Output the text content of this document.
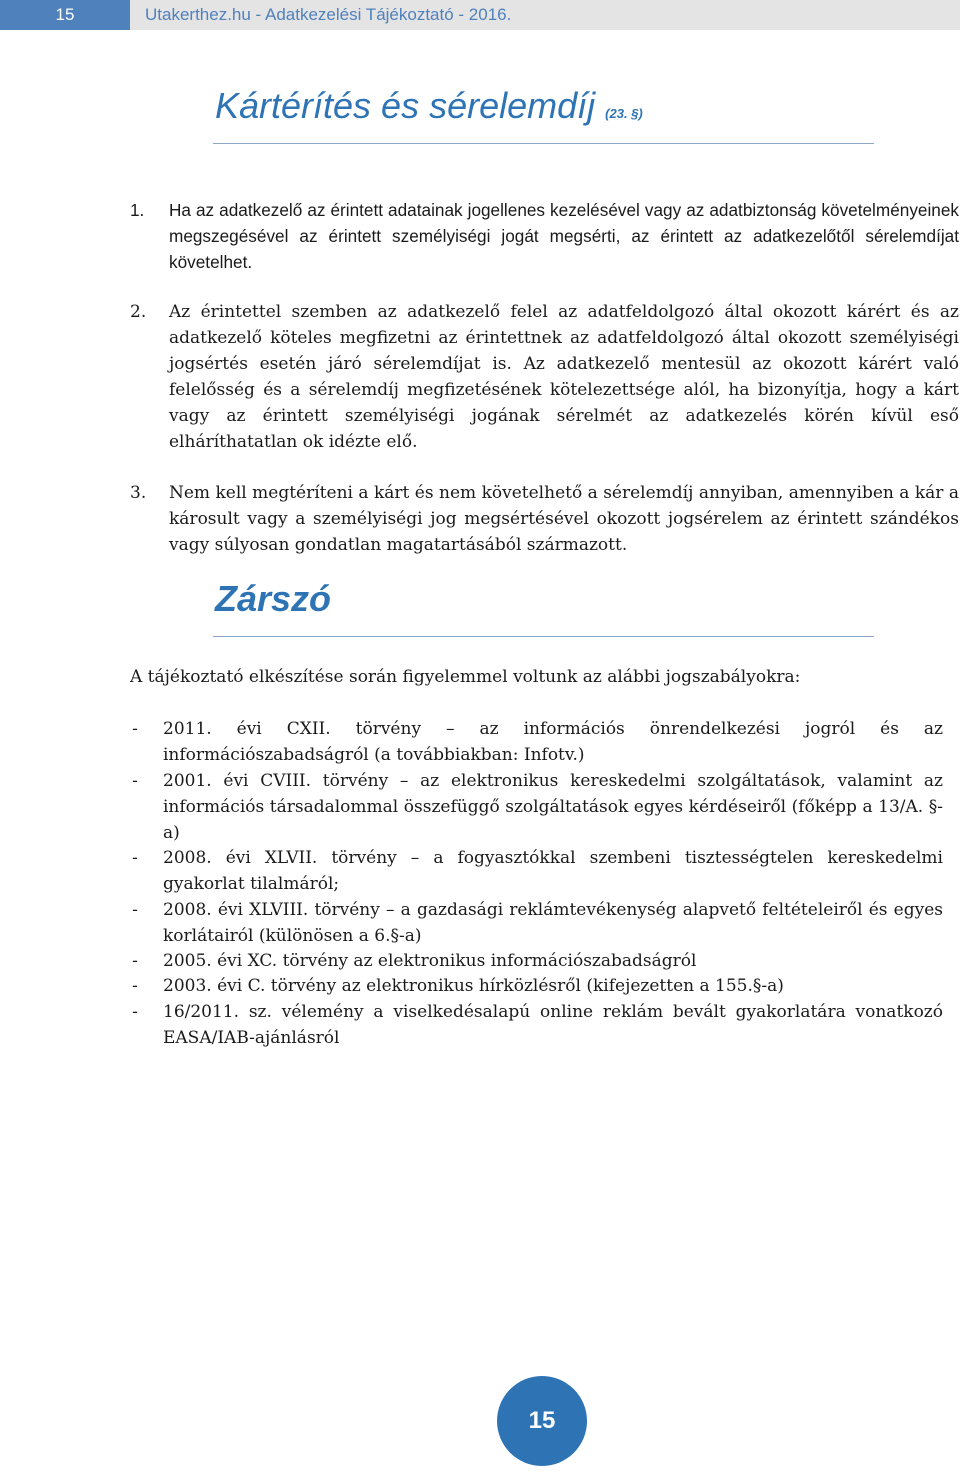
15	Utakerthez.hu - Adatkezelési Tájékoztató - 2016.
Kártérítés és sérelemdíj (23. §)
1.	Ha az adatkezelő az érintett adatainak jogellenes kezelésével vagy az adatbiztonság követelményeinek megszegésével az érintett személyiségi jogát megsérti, az érintett az adatkezelőtől sérelemdíjat követelhet.
2.	Az érintettel szemben az adatkezelő felel az adatfeldolgozó által okozott kárért és az adatkezelő köteles megfizetni az érintettnek az adatfeldolgozó által okozott személyiségi jogsértés esetén járó sérelemdíjat is. Az adatkezelő mentesül az okozott kárért való felelősség és a sérelemdíj megfizetésének kötelezettsége alól, ha bizonyítja, hogy a kárt vagy az érintett személyiségi jogának sérelmét az adatkezelés körén kívül eső elháríthatatlan ok idézte elő.
3.	Nem kell megtéríteni a kárt és nem követelhető a sérelemdíj annyiban, amennyiben a kár a károsult vagy a személyiségi jog megsértésével okozott jogsérelem az érintett szándékos vagy súlyosan gondatlan magatartásából származott.
Zárszó
A tájékoztató elkészítése során figyelemmel voltunk az alábbi jogszabályokra:
-	2011. évi CXII. törvény – az információs önrendelkezési jogról és az információszabadságról (a továbbiakban: Infotv.)
-	2001. évi CVIII. törvény – az elektronikus kereskedelmi szolgáltatások, valamint az információs társadalommal összefüggő szolgáltatások egyes kérdéseiről (főképp a 13/A. §-a)
-	2008. évi XLVII. törvény – a fogyasztókkal szembeni tisztességtelen kereskedelmi gyakorlat tilalmáról;
-	2008. évi XLVIII. törvény – a gazdasági reklámtevékenység alapvető feltételeiről és egyes korlátairól (különösen a 6.§-a)
-	2005. évi XC. törvény az elektronikus információszabadságról
-	2003. évi C. törvény az elektronikus hírközlésről (kifejezetten a 155.§-a)
-	16/2011. sz. vélemény a viselkedésalapú online reklám bevált gyakorlatára vonatkozó EASA/IAB-ajánlásról
15
